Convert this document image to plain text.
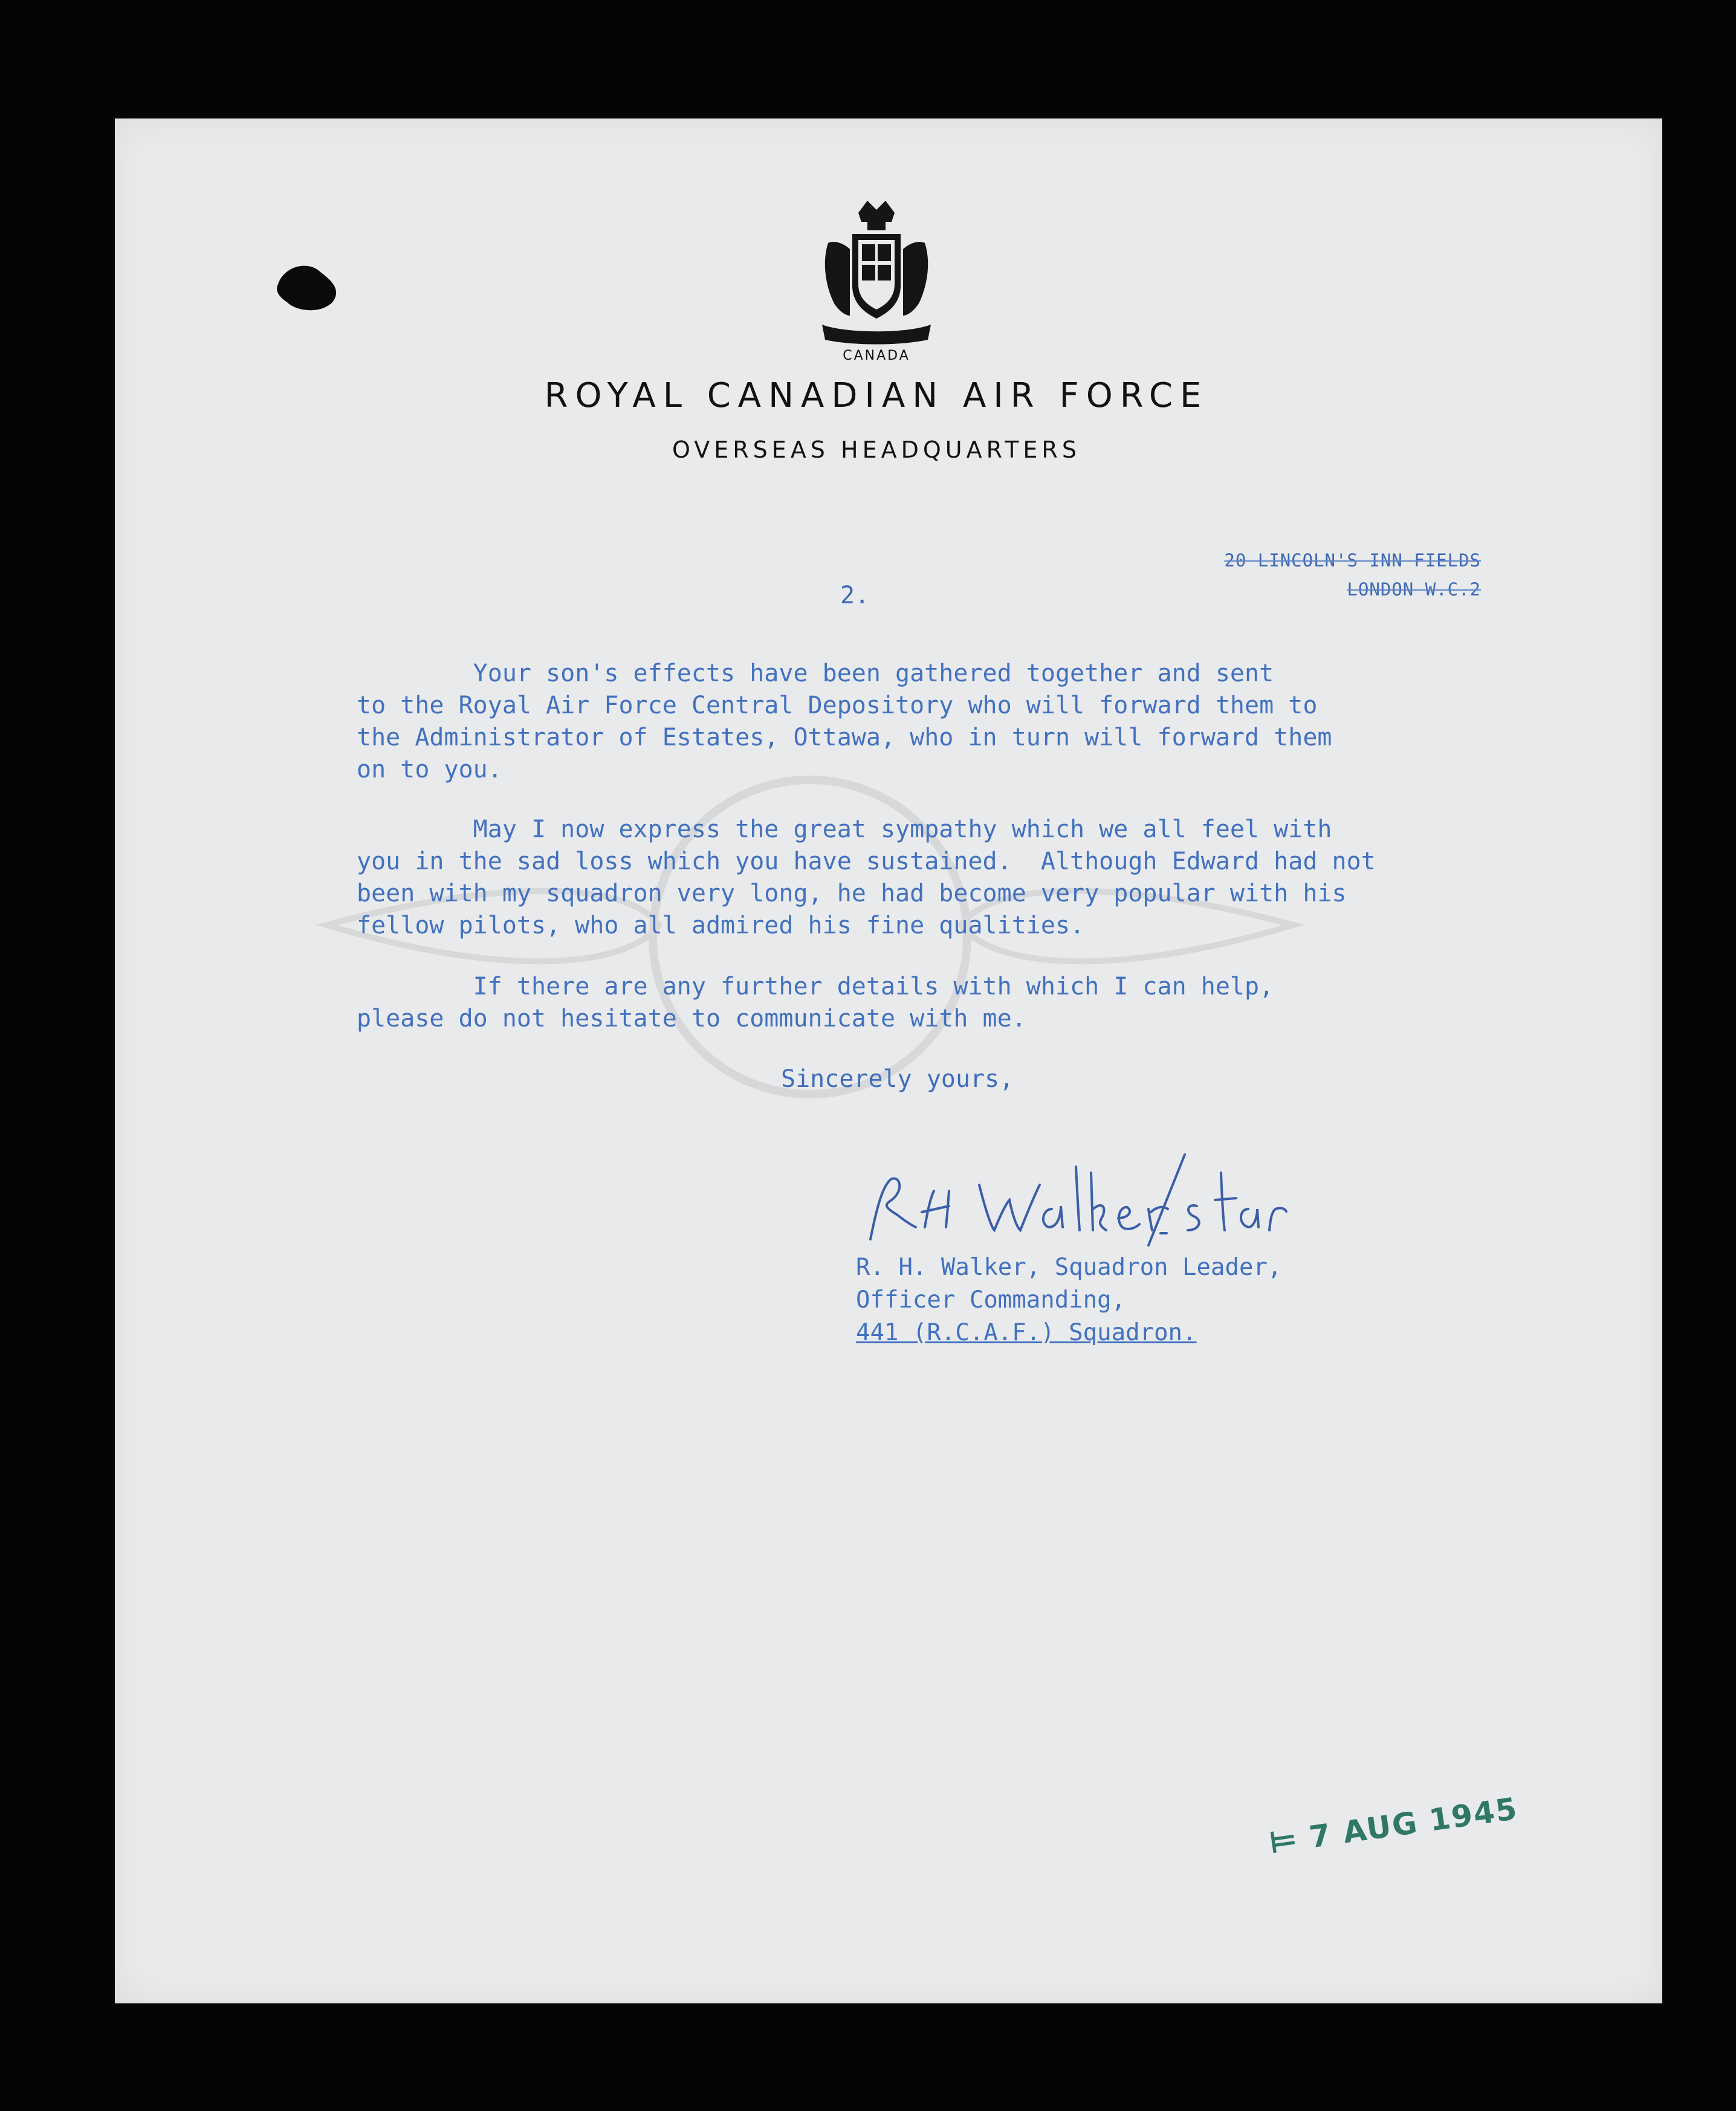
CANADA
ROYAL CANADIAN AIR FORCE
OVERSEAS HEADQUARTERS
20 LINCOLN'S INN FIELDS
LONDON W.C.2
2.
Your son's effects have been gathered together and sent
to the Royal Air Force Central Depository who will forward them to
the Administrator of Estates, Ottawa, who in turn will forward them
on to you.
May I now express the great sympathy which we all feel with
you in the sad loss which you have sustained.  Although Edward had not
been with my squadron very long, he had become very popular with his
fellow pilots, who all admired his fine qualities.
If there are any further details with which I can help,
please do not hesitate to communicate with me.
Sincerely yours,
R. H. Walker, Squadron Leader,
Officer Commanding,
441 (R.C.A.F.) Squadron.
⊨ 7 AUG 1945
